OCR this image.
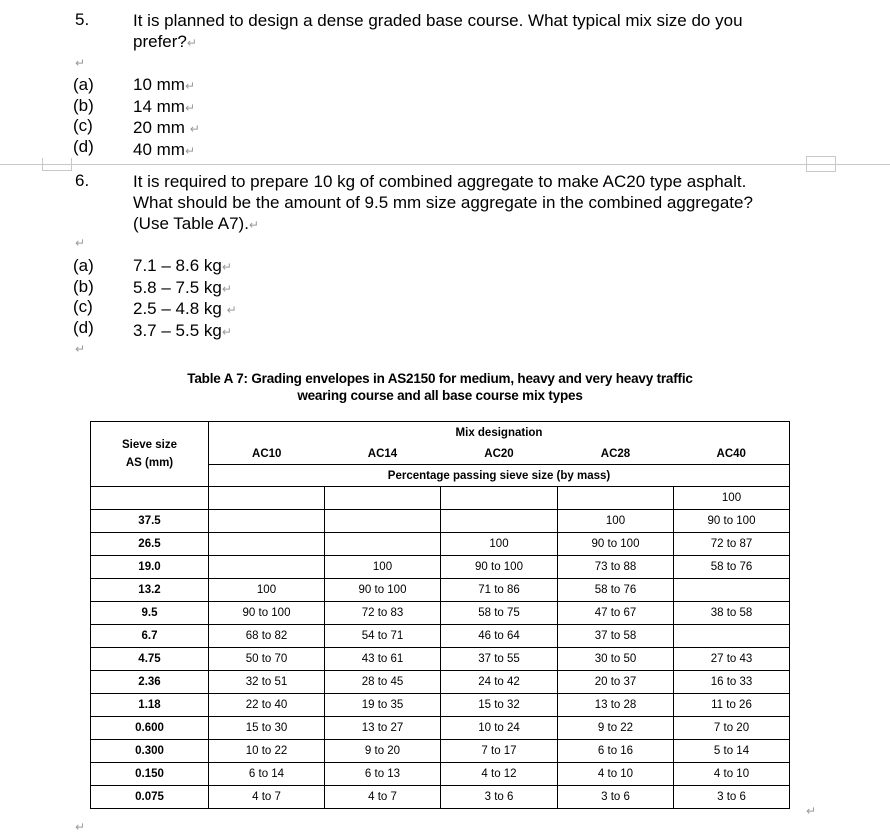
5.	It is planned to design a dense graded base course. What typical mix size do you
prefer?↵
↵
(a)
(b)
(c)
(d)
10 mm↵
14 mm↵
20 mm ↵
40 mm↵
6.	It is required to prepare 10 kg of combined aggregate to make AC20 type asphalt.
What should be the amount of 9.5 mm size aggregate in the combined aggregate?
(Use Table A7).↵
↵
(a)
(b)
(c)
(d)
7.1 – 8.6 kg↵
5.8 – 7.5 kg↵
2.5 – 4.8 kg ↵
3.7 – 5.5 kg↵
↵
Table A 7: Grading envelopes in AS2150 for medium, heavy and very heavy traffic
wearing course and all base course mix types
Sieve size
AS (mm)	Mix designation				
	AC10	AC14	AC20	AC28	AC40
	Percentage passing sieve size (by mass)				
					100
37.5				100	90 to 100
26.5			100	90 to 100	72 to 87
19.0		100	90 to 100	73 to 88	58 to 76
13.2	100	90 to 100	71 to 86	58 to 76	
9.5	90 to 100	72 to 83	58 to 75	47 to 67	38 to 58
6.7	68 to 82	54 to 71	46 to 64	37 to 58	
4.75	50 to 70	43 to 61	37 to 55	30 to 50	27 to 43
2.36	32 to 51	28 to 45	24 to 42	20 to 37	16 to 33
1.18	22 to 40	19 to 35	15 to 32	13 to 28	11 to 26
0.600	15 to 30	13 to 27	10 to 24	9 to 22	7 to 20
0.300	10 to 22	9 to 20	7 to 17	6 to 16	5 to 14
0.150	6 to 14	6 to 13	4 to 12	4 to 10	4 to 10
0.075	4 to 7	4 to 7	3 to 6	3 to 6	3 to 6
↵
↵
